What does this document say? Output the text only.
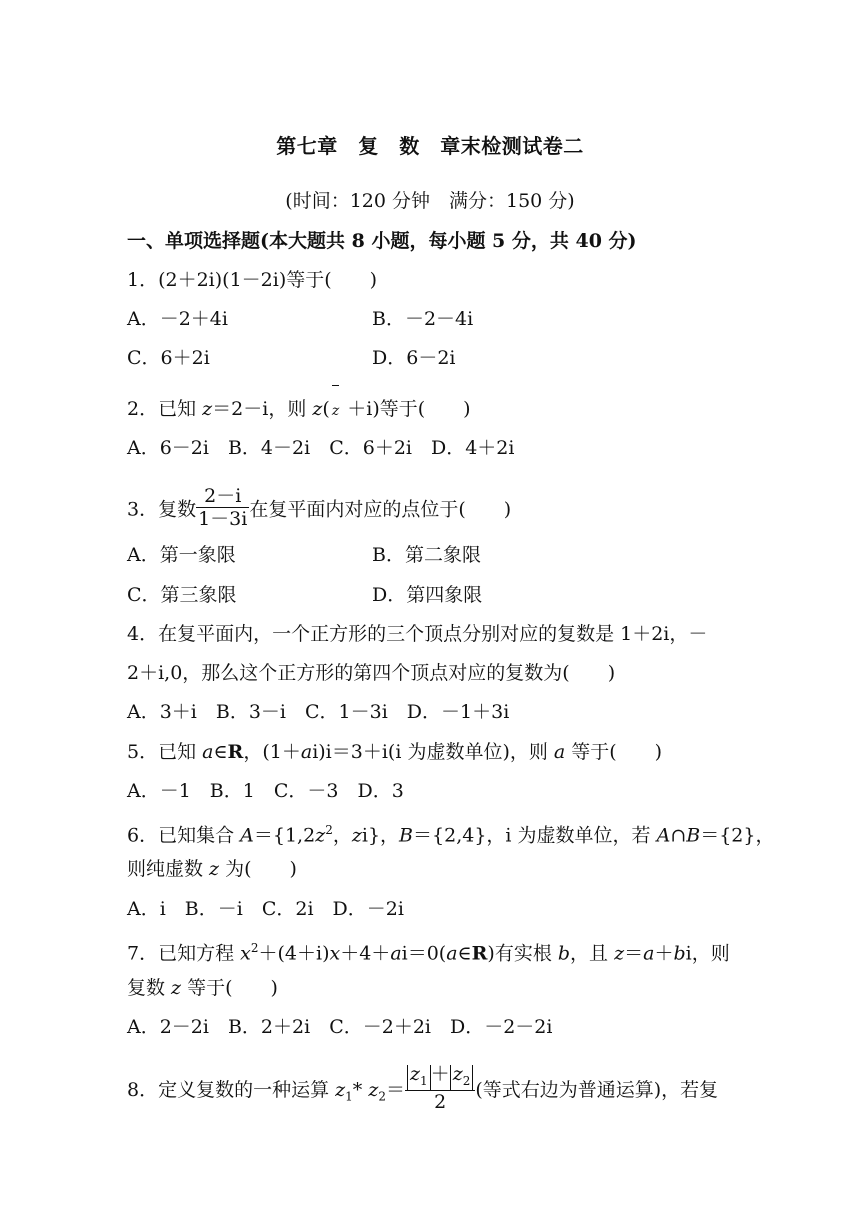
第七章　复　数　章末检测试卷二
(时间：120 分钟　满分：150 分)
一、单项选择题(本大题共 8 小题，每小题 5 分，共 40 分)
1．(2＋2i)(1－2i)等于(　　)
A．－2＋4i	B．－2－4i
C．6＋2i	D．6－2i
2．已知 z＝2－i，则 z( z ＋i)等于(　　)
A．6－2i　B．4－2i　C．6＋2i　D．4＋2i
3．复数 $\frac{2-i}{1-3i}$ 在复平面内对应的点位于(　　)
A．第一象限	B．第二象限
C．第三象限	D．第四象限
4．在复平面内，一个正方形的三个顶点分别对应的复数是 1＋2i，－
2＋i,0，那么这个正方形的第四个顶点对应的复数为(　　)
A．3＋i　B．3－i　C．1－3i　D．－1＋3i
5．已知 a∈R，(1＋ai)i＝3＋i(i 为虚数单位)，则 a 等于(　　)
A．－1　B．1　C．－3　D．3
6．已知集合 $A=\{1,2z^2$，zi}，B＝{2,4}，i 为虚数单位，若 A∩B＝{2}，
则纯虚数 z 为(　　)
A．i　B．－i　C．2i　D．－2i
7．已知方程 $x^2+(4+i)x+4+ai=0(a\in R)$有实根 b，且 z＝a＋bi，则
复数 z 等于(　　)
A．2－2i　B．2＋2i　C．－2＋2i　D．－2－2i
8．定义复数的一种运算 $z_1*$ $z_2= \frac{z_1 + z_2}{2}$ (等式右边为普通运算)，若复
